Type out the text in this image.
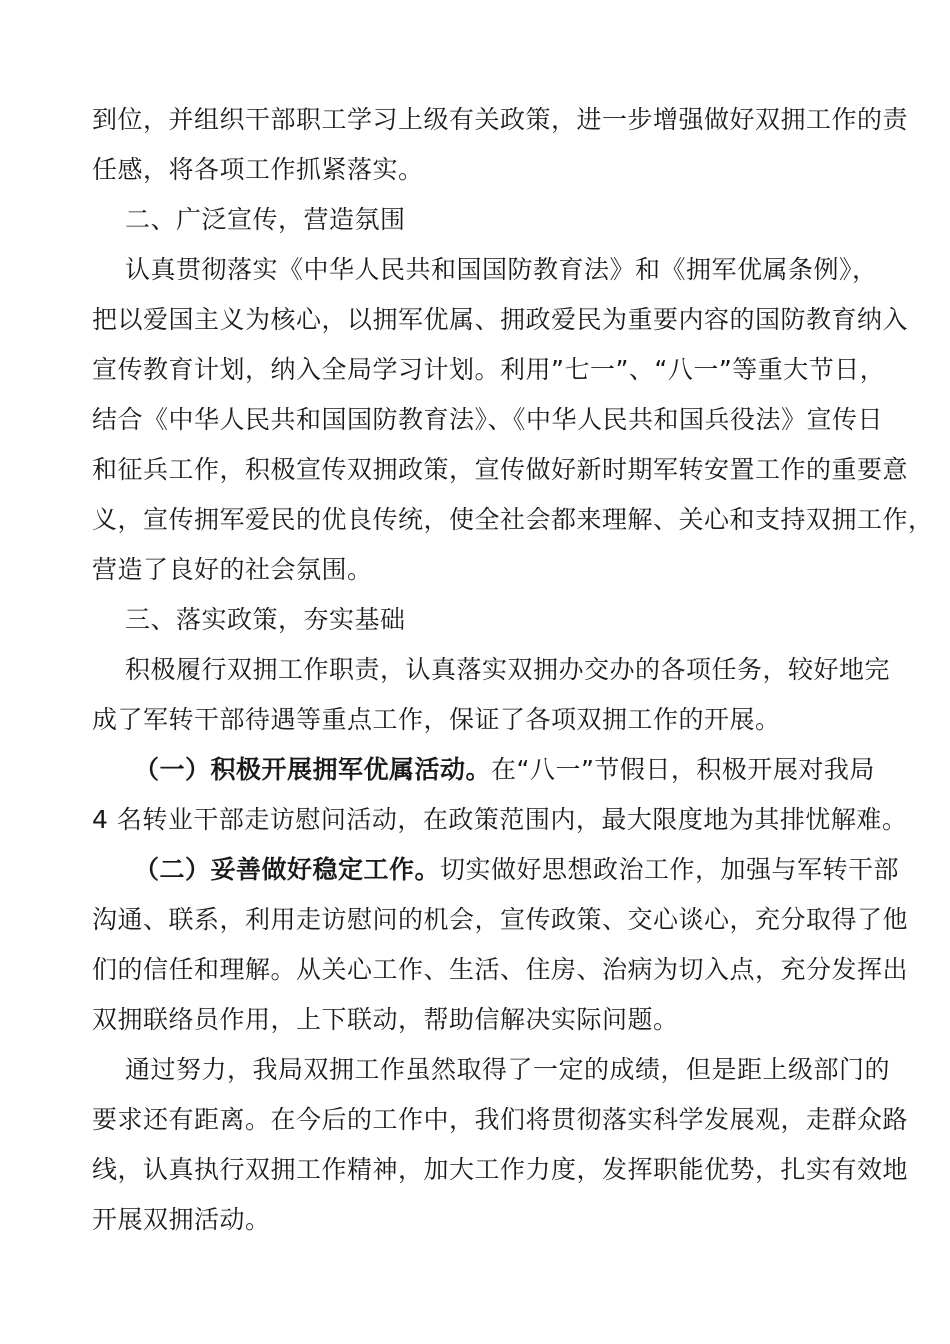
到位，并组织干部职工学习上级有关政策，进一步增强做好双拥工作的责
任感，将各项工作抓紧落实。
二、广泛宣传，营造氛围
认真贯彻落实《中华人民共和国国防教育法》和《拥军优属条例》，
把以爱国主义为核心，以拥军优属、拥政爱民为重要内容的国防教育纳入
宣传教育计划，纳入全局学习计划。利用”七一”、“八一”等重大节日，
结合《中华人民共和国国防教育法》、《中华人民共和国兵役法》宣传日
和征兵工作，积极宣传双拥政策，宣传做好新时期军转安置工作的重要意
义，宣传拥军爱民的优良传统，使全社会都来理解、关心和支持双拥工作，
营造了良好的社会氛围。
三、落实政策，夯实基础
积极履行双拥工作职责，认真落实双拥办交办的各项任务，较好地完
成了军转干部待遇等重点工作，保证了各项双拥工作的开展。
（一）积极开展拥军优属活动。在“八一”节假日，积极开展对我局
4 名转业干部走访慰问活动，在政策范围内，最大限度地为其排忧解难。
（二）妥善做好稳定工作。切实做好思想政治工作，加强与军转干部
沟通、联系，利用走访慰问的机会，宣传政策、交心谈心，充分取得了他
们的信任和理解。从关心工作、生活、住房、治病为切入点，充分发挥出
双拥联络员作用，上下联动，帮助信解决实际问题。
通过努力，我局双拥工作虽然取得了一定的成绩，但是距上级部门的
要求还有距离。在今后的工作中，我们将贯彻落实科学发展观，走群众路
线，认真执行双拥工作精神，加大工作力度，发挥职能优势，扎实有效地
开展双拥活动。
